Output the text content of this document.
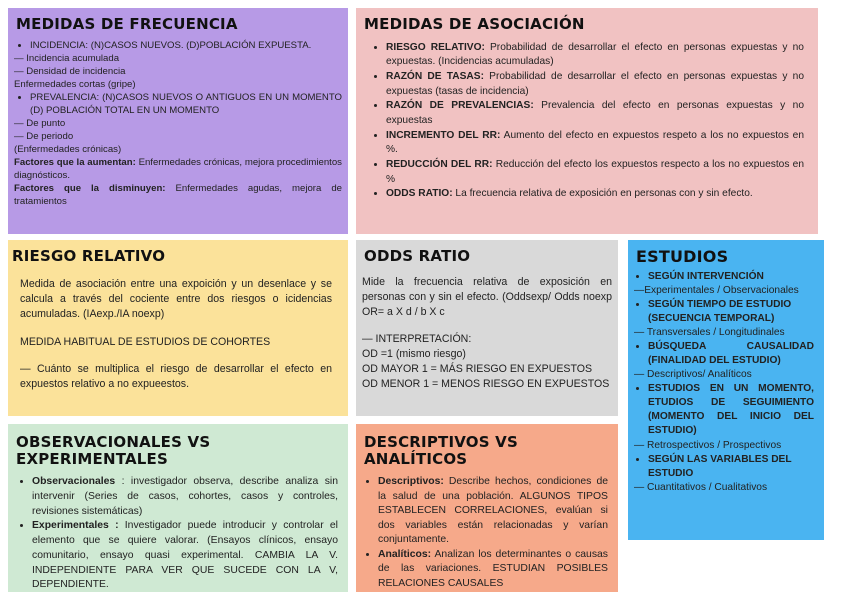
MEDIDAS DE FRECUENCIA
• INCIDENCIA: (N)CASOS NUEVOS. (D)POBLACIÓN EXPUESTA.
— Incidencia acumulada
— Densidad de incidencia
Enfermedades cortas (gripe)
• PREVALENCIA: (N)CASOS NUEVOS O ANTIGUOS EN UN MOMENTO (D) POBLACIÓN TOTAL EN UN MOMENTO
— De punto
— De periodo
(Enfermedades crónicas)
Factores que la aumentan: Enfermedades crónicas, mejora procedimientos diagnósticos.
Factores que la disminuyen: Enfermedades agudas, mejora de tratamientos
MEDIDAS DE ASOCIACIÓN
• RIESGO RELATIVO: Probabilidad de desarrollar el efecto en personas expuestas y no expuestas. (Incidencias acumuladas)
• RAZÓN DE TASAS: Probabilidad de desarrollar el efecto en personas expuestas y no expuestas (tasas de incidencia)
• RAZÓN DE PREVALENCIAS: Prevalencia del efecto en personas expuestas y no expuestas
• INCREMENTO DEL RR: Aumento del efecto en expuestos respeto a los no expuestos en %.
• REDUCCIÓN DEL RR: Reducción del efecto los expuestos respecto a los no expuestos en %
• ODDS RATIO: La frecuencia relativa de exposición en personas con y sin efecto.
RIESGO RELATIVO
Medida de asociación entre una expoición y un desenlace y se calcula a través del cociente entre dos riesgos o icidencias acumuladas. (IAexp./IA noexp)
MEDIDA HABITUAL DE ESTUDIOS DE COHORTES
— Cuánto se multiplica el riesgo de desarrollar el efecto en expuestos relativo a no expueestos.
ODDS RATIO
Mide la frecuencia relativa de exposición en personas con y sin el efecto. (Oddsexp/ Odds noexp OR= a X d / b X c
— INTERPRETACIÓN:
OD =1 (mismo riesgo)
OD MAYOR 1 = MÁS RIESGO EN EXPUESTOS
OD MENOR 1 = MENOS RIESGO EN EXPUESTOS
ESTUDIOS
• SEGÚN INTERVENCIÓN
—Experimentales / Observacionales
• SEGÚN TIEMPO DE ESTUDIO (SECUENCIA TEMPORAL)
— Transversales / Longitudinales
• BÚSQUEDA CAUSALIDAD (FINALIDAD DEL ESTUDIO)
— Descriptivos/ Analíticos
• ESTUDIOS EN UN MOMENTO, ETUDIOS DE SEGUIMIENTO (MOMENTO DEL INICIO DEL ESTUDIO)
— Retrospectivos / Prospectivos
• SEGÚN LAS VARIABLES DEL ESTUDIO
— Cuantitativos / Cualitativos
OBSERVACIONALES VS EXPERIMENTALES
• Observacionales : investigador observa, describe analiza sin intervenir (Series de casos, cohortes, casos y controles, revisiones sistemáticas)
• Experimentales : Investigador puede introducir y controlar el elemento que se quiere valorar. (Ensayos clínicos, ensayo comunitario, ensayo quasi experimental. CAMBIA LA V. INDEPENDIENTE PARA VER QUE SUCEDE CON LA V, DEPENDIENTE.
DESCRIPTIVOS VS ANALÍTICOS
• Descriptivos: Describe hechos, condiciones de la salud de una población. ALGUNOS TIPOS ESTABLECEN CORRELACIONES, evalúan si dos variables están relacionadas y varían conjuntamente.
• Analíticos: Analizan los determinantes o causas de las variaciones. ESTUDIAN POSIBLES RELACIONES CAUSALES
